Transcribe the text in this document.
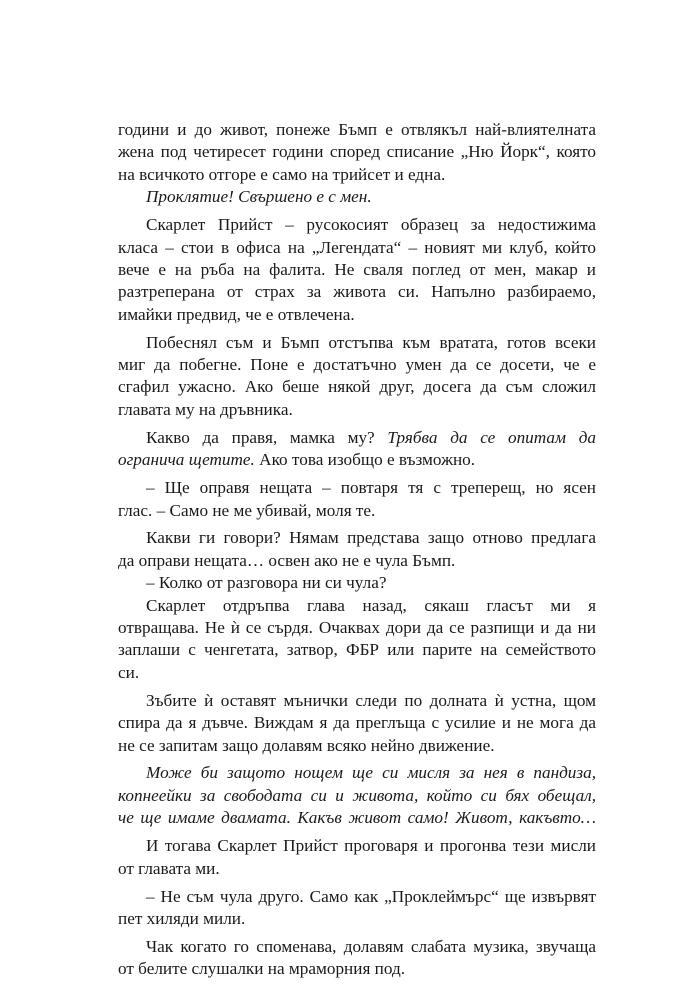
години и до живот, понеже Бъмп е отвлякъл най-влиятелната
жена под четиресет години според списание „Ню Йорк“, която
на всичкото отгоре е само на трийсет и една.
Проклятие! Свършено е с мен.
Скарлет Прийст – русокосият образец за недостижима
класа – стои в офиса на „Легендата“ – новият ми клуб, който
вече е на ръба на фалита. Не сваля поглед от мен, макар и
разтреперана от страх за живота си. Напълно разбираемо,
имайки предвид, че е отвлечена.
Побеснял съм и Бъмп отстъпва към вратата, готов всеки
миг да побегне. Поне е достатъчно умен да се досети, че е
сгафил ужасно. Ако беше някой друг, досега да съм сложил
главата му на дръвника.
Какво да правя, мамка му? Трябва да се опитам да
огранича щетите. Ако това изобщо е възможно.
– Ще оправя нещата – повтаря тя с треперещ, но ясен
глас. – Само не ме убивай, моля те.
Какви ги говори? Нямам представа защо отново предлага
да оправи нещата… освен ако не е чула Бъмп.
– Колко от разговора ни си чула?
Скарлет отдръпва глава назад, сякаш гласът ми я
отвращава. Не ѝ се сърдя. Очаквах дори да се разпищи и да ни
заплаши с ченгетата, затвор, ФБР или парите на семейството
си.
Зъбите ѝ оставят мънички следи по долната ѝ устна, щом
спира да я дъвче. Виждам я да преглъща с усилие и не мога да
не се запитам защо долавям всяко нейно движение.
Може би защото нощем ще си мисля за нея в пандиза,
копнеейки за свободата си и живота, който си бях обещал,
че ще имаме двамата. Какъв живот само! Живот, какъвто…
И тогава Скарлет Прийст проговаря и прогонва тези мисли
от главата ми.
– Не съм чула друго. Само как „Проклеймърс“ ще извървят
пет хиляди мили.
Чак когато го споменава, долавям слабата музика, звучаща
от белите слушалки на мраморния под.
